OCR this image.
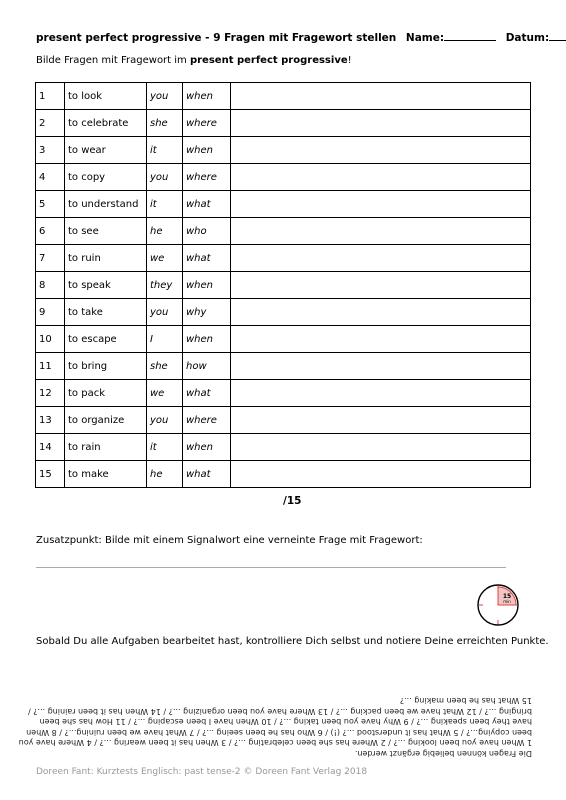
present perfect progressive - 9 Fragen mit Fragewort stellen Name:	Datum:
Bilde Fragen mit Fragewort im present perfect progressive!
1	to look	you	when	
2	to celebrate	she	where	
3	to wear	it	when	
4	to copy	you	where	
5	to understand	it	what	
6	to see	he	who	
7	to ruin	we	what	
8	to speak	they	when	
9	to take	you	why	
10	to escape	I	when	
11	to bring	she	how	
12	to pack	we	what	
13	to organize	you	where	
14	to rain	it	when	
15	to make	he	what	
/15
Zusatzpunkt: Bilde mit einem Signalwort eine verneinte Frage mit Fragewort:
15
min
Sobald Du alle Aufgaben bearbeitet hast, kontrolliere Dich selbst und notiere Deine erreichten Punkte.
Die Fragen können beliebig ergänzt werden.
1 When have you been looking ...? / 2 Where has she been celebrating ...? / 3 When has it been wearing ...? / 4 Where have you
been copying...? / 5 What has it understood ...? (!) / 6 Who has he been seeing ...? / 7 What have we been ruining...? / 8 When
have they been speaking ...? / 9 Why have you been taking ...? / 10 When have I been escaping ...? / 11 How has she been
bringing ...? / 12 What have we been packing ...? / 13 Where have you been organizing ...? / 14 When has it been raining ...? /
15 What has he been making ...?
Doreen Fant: Kurztests Englisch: past tense-2 © Doreen Fant Verlag 2018
